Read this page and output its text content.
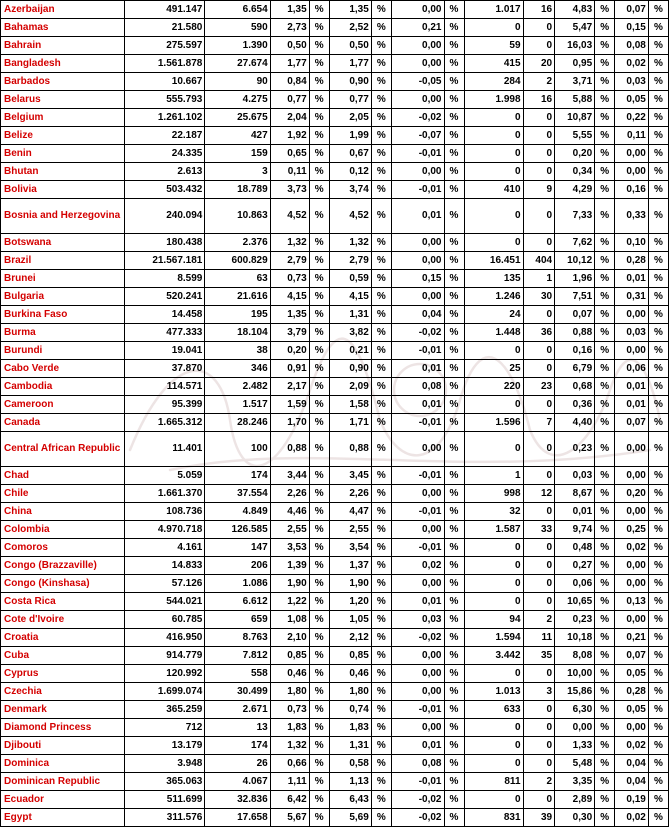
Azerbaijan	491.147	6.654	1,35	%	1,35	%	0,00	%	1.017	16	4,83	%	0,07	%
Bahamas	21.580	590	2,73	%	2,52	%	0,21	%	0	0	5,47	%	0,15	%
Bahrain	275.597	1.390	0,50	%	0,50	%	0,00	%	59	0	16,03	%	0,08	%
Bangladesh	1.561.878	27.674	1,77	%	1,77	%	0,00	%	415	20	0,95	%	0,02	%
Barbados	10.667	90	0,84	%	0,90	%	-0,05	%	284	2	3,71	%	0,03	%
Belarus	555.793	4.275	0,77	%	0,77	%	0,00	%	1.998	16	5,88	%	0,05	%
Belgium	1.261.102	25.675	2,04	%	2,05	%	-0,02	%	0	0	10,87	%	0,22	%
Belize	22.187	427	1,92	%	1,99	%	-0,07	%	0	0	5,55	%	0,11	%
Benin	24.335	159	0,65	%	0,67	%	-0,01	%	0	0	0,20	%	0,00	%
Bhutan	2.613	3	0,11	%	0,12	%	0,00	%	0	0	0,34	%	0,00	%
Bolivia	503.432	18.789	3,73	%	3,74	%	-0,01	%	410	9	4,29	%	0,16	%
Bosnia and Herzegovina	240.094	10.863	4,52	%	4,52	%	0,01	%	0	0	7,33	%	0,33	%
Botswana	180.438	2.376	1,32	%	1,32	%	0,00	%	0	0	7,62	%	0,10	%
Brazil	21.567.181	600.829	2,79	%	2,79	%	0,00	%	16.451	404	10,12	%	0,28	%
Brunei	8.599	63	0,73	%	0,59	%	0,15	%	135	1	1,96	%	0,01	%
Bulgaria	520.241	21.616	4,15	%	4,15	%	0,00	%	1.246	30	7,51	%	0,31	%
Burkina Faso	14.458	195	1,35	%	1,31	%	0,04	%	24	0	0,07	%	0,00	%
Burma	477.333	18.104	3,79	%	3,82	%	-0,02	%	1.448	36	0,88	%	0,03	%
Burundi	19.041	38	0,20	%	0,21	%	-0,01	%	0	0	0,16	%	0,00	%
Cabo Verde	37.870	346	0,91	%	0,90	%	0,01	%	25	0	6,79	%	0,06	%
Cambodia	114.571	2.482	2,17	%	2,09	%	0,08	%	220	23	0,68	%	0,01	%
Cameroon	95.399	1.517	1,59	%	1,58	%	0,01	%	0	0	0,36	%	0,01	%
Canada	1.665.312	28.246	1,70	%	1,71	%	-0,01	%	1.596	7	4,40	%	0,07	%
Central African Republic	11.401	100	0,88	%	0,88	%	0,00	%	0	0	0,23	%	0,00	%
Chad	5.059	174	3,44	%	3,45	%	-0,01	%	1	0	0,03	%	0,00	%
Chile	1.661.370	37.554	2,26	%	2,26	%	0,00	%	998	12	8,67	%	0,20	%
China	108.736	4.849	4,46	%	4,47	%	-0,01	%	32	0	0,01	%	0,00	%
Colombia	4.970.718	126.585	2,55	%	2,55	%	0,00	%	1.587	33	9,74	%	0,25	%
Comoros	4.161	147	3,53	%	3,54	%	-0,01	%	0	0	0,48	%	0,02	%
Congo (Brazzaville)	14.833	206	1,39	%	1,37	%	0,02	%	0	0	0,27	%	0,00	%
Congo (Kinshasa)	57.126	1.086	1,90	%	1,90	%	0,00	%	0	0	0,06	%	0,00	%
Costa Rica	544.021	6.612	1,22	%	1,20	%	0,01	%	0	0	10,65	%	0,13	%
Cote d'Ivoire	60.785	659	1,08	%	1,05	%	0,03	%	94	2	0,23	%	0,00	%
Croatia	416.950	8.763	2,10	%	2,12	%	-0,02	%	1.594	11	10,18	%	0,21	%
Cuba	914.779	7.812	0,85	%	0,85	%	0,00	%	3.442	35	8,08	%	0,07	%
Cyprus	120.992	558	0,46	%	0,46	%	0,00	%	0	0	10,00	%	0,05	%
Czechia	1.699.074	30.499	1,80	%	1,80	%	0,00	%	1.013	3	15,86	%	0,28	%
Denmark	365.259	2.671	0,73	%	0,74	%	-0,01	%	633	0	6,30	%	0,05	%
Diamond Princess	712	13	1,83	%	1,83	%	0,00	%	0	0	0,00	%	0,00	%
Djibouti	13.179	174	1,32	%	1,31	%	0,01	%	0	0	1,33	%	0,02	%
Dominica	3.948	26	0,66	%	0,58	%	0,08	%	0	0	5,48	%	0,04	%
Dominican Republic	365.063	4.067	1,11	%	1,13	%	-0,01	%	811	2	3,35	%	0,04	%
Ecuador	511.699	32.836	6,42	%	6,43	%	-0,02	%	0	0	2,89	%	0,19	%
Egypt	311.576	17.658	5,67	%	5,69	%	-0,02	%	831	39	0,30	%	0,02	%
